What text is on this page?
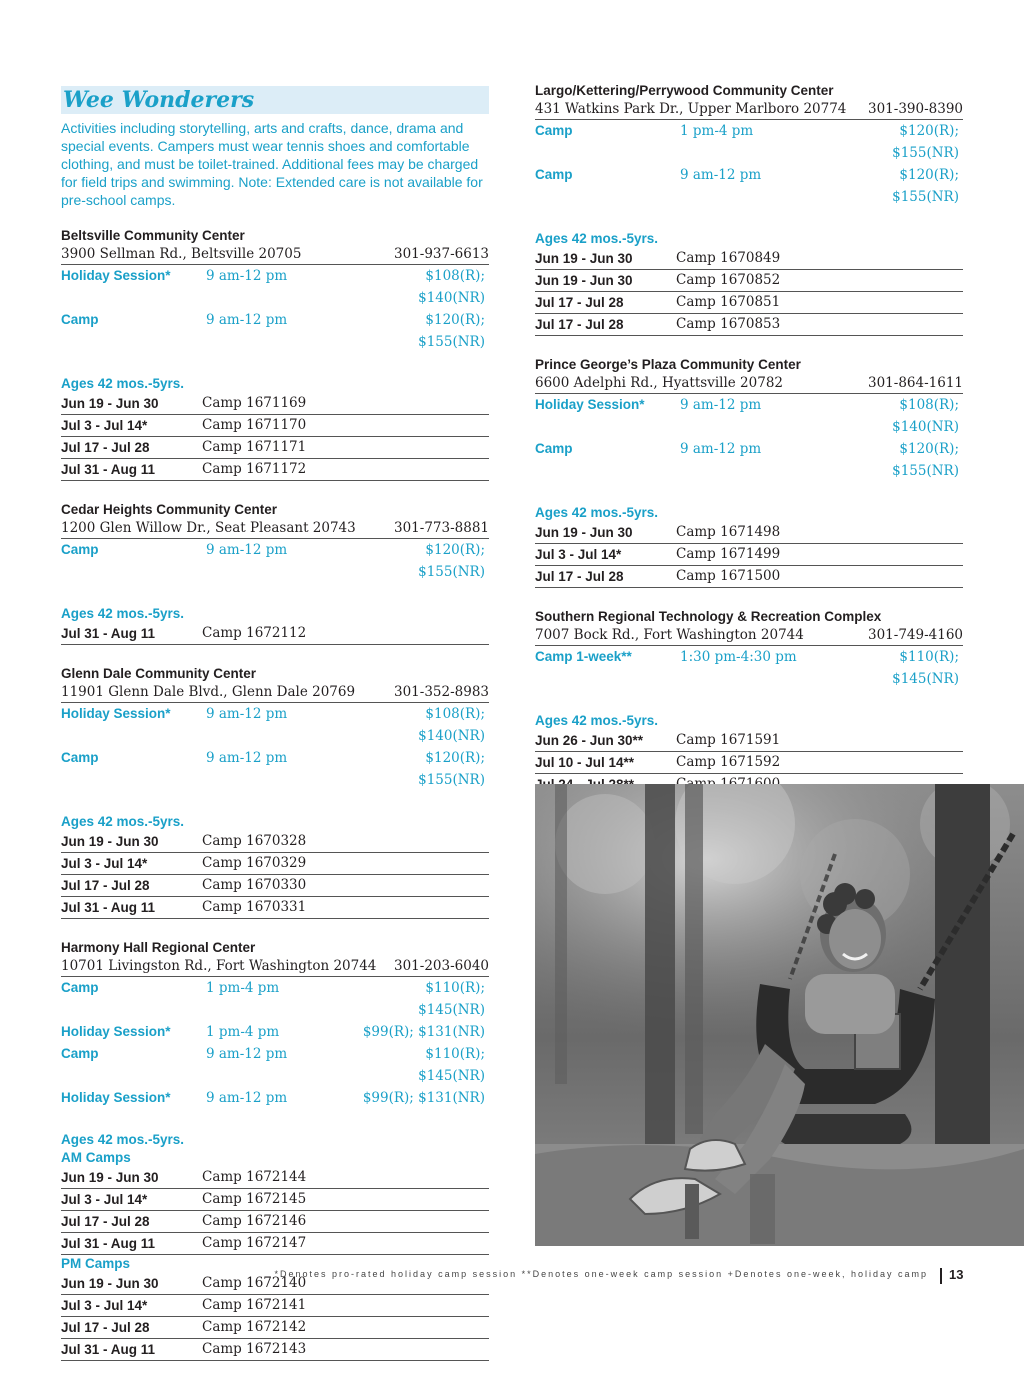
Wee Wonderers

Activities including storytelling, arts and crafts, dance, drama and special events. Campers must wear tennis shoes and comfortable clothing, and must be toilet-trained. Additional fees may be charged for field trips and swimming. Note: Extended care is not available for pre-school camps.

Beltsville Community Center
3900 Sellman Rd., Beltsville 20705	301-937-6613
Holiday Session*	9 am-12 pm	$108(R); $140(NR)
Camp	9 am-12 pm	$120(R); $155(NR)
Ages 42 mos.-5yrs.
Jun 19 - Jun 30	Camp 1671169
Jul 3 - Jul 14*	Camp 1671170
Jul 17 - Jul 28	Camp 1671171
Jul 31 - Aug 11	Camp 1671172
Cedar Heights Community Center
1200 Glen Willow Dr., Seat Pleasant 20743	301-773-8881
Camp	9 am-12 pm	$120(R); $155(NR)
Ages 42 mos.-5yrs.
Jul 31 - Aug 11	Camp 1672112
Glenn Dale Community Center
11901 Glenn Dale Blvd., Glenn Dale 20769	301-352-8983
Holiday Session*	9 am-12 pm	$108(R); $140(NR)
Camp	9 am-12 pm	$120(R); $155(NR)
Ages 42 mos.-5yrs.
Jun 19 - Jun 30	Camp 1670328
Jul 3 - Jul 14*	Camp 1670329
Jul 17 - Jul 28	Camp 1670330
Jul 31 - Aug 11	Camp 1670331
Harmony Hall Regional Center
10701 Livingston Rd., Fort Washington 20744 301-203-6040
Camp	1 pm-4 pm	$110(R); $145(NR)
Holiday Session*	1 pm-4 pm	$99(R); $131(NR)
Camp	9 am-12 pm	$110(R); $145(NR)
Holiday Session*	9 am-12 pm	$99(R); $131(NR)
Ages 42 mos.-5yrs.
AM Camps
Jun 19 - Jun 30	Camp 1672144
Jul 3 - Jul 14*	Camp 1672145
Jul 17 - Jul 28	Camp 1672146
Jul 31 - Aug 11	Camp 1672147
PM Camps
Jun 19 - Jun 30	Camp 1672140
Jul 3 - Jul 14*	Camp 1672141
Jul 17 - Jul 28	Camp 1672142
Jul 31 - Aug 11	Camp 1672143
Largo/Kettering/Perrywood Community Center
431 Watkins Park Dr., Upper Marlboro 20774 301-390-8390
Camp	1 pm-4 pm	$120(R); $155(NR)
Camp	9 am-12 pm	$120(R); $155(NR)
Ages 42 mos.-5yrs.
Jun 19 - Jun 30	Camp 1670849
Jun 19 - Jun 30	Camp 1670852
Jul 17 - Jul 28	Camp 1670851
Jul 17 - Jul 28	Camp 1670853
Prince George’s Plaza Community Center
6600 Adelphi Rd., Hyattsville 20782	301-864-1611
Holiday Session*	9 am-12 pm	$108(R); $140(NR)
Camp	9 am-12 pm	$120(R); $155(NR)
Ages 42 mos.-5yrs.
Jun 19 - Jun 30	Camp 1671498
Jul 3 - Jul 14*	Camp 1671499
Jul 17 - Jul 28	Camp 1671500
Southern Regional Technology & Recreation Complex
7007 Bock Rd., Fort Washington 20744	301-749-4160
Camp 1-week**	1:30 pm-4:30 pm	$110(R); $145(NR)
Ages 42 mos.-5yrs.
Jun 26 - Jun 30**	Camp 1671591
Jul 10 - Jul 14**	Camp 1671592
*Denotes pro-rated holiday camp session **Denotes one-week camp session +Denotes one-week, holiday camp 13
